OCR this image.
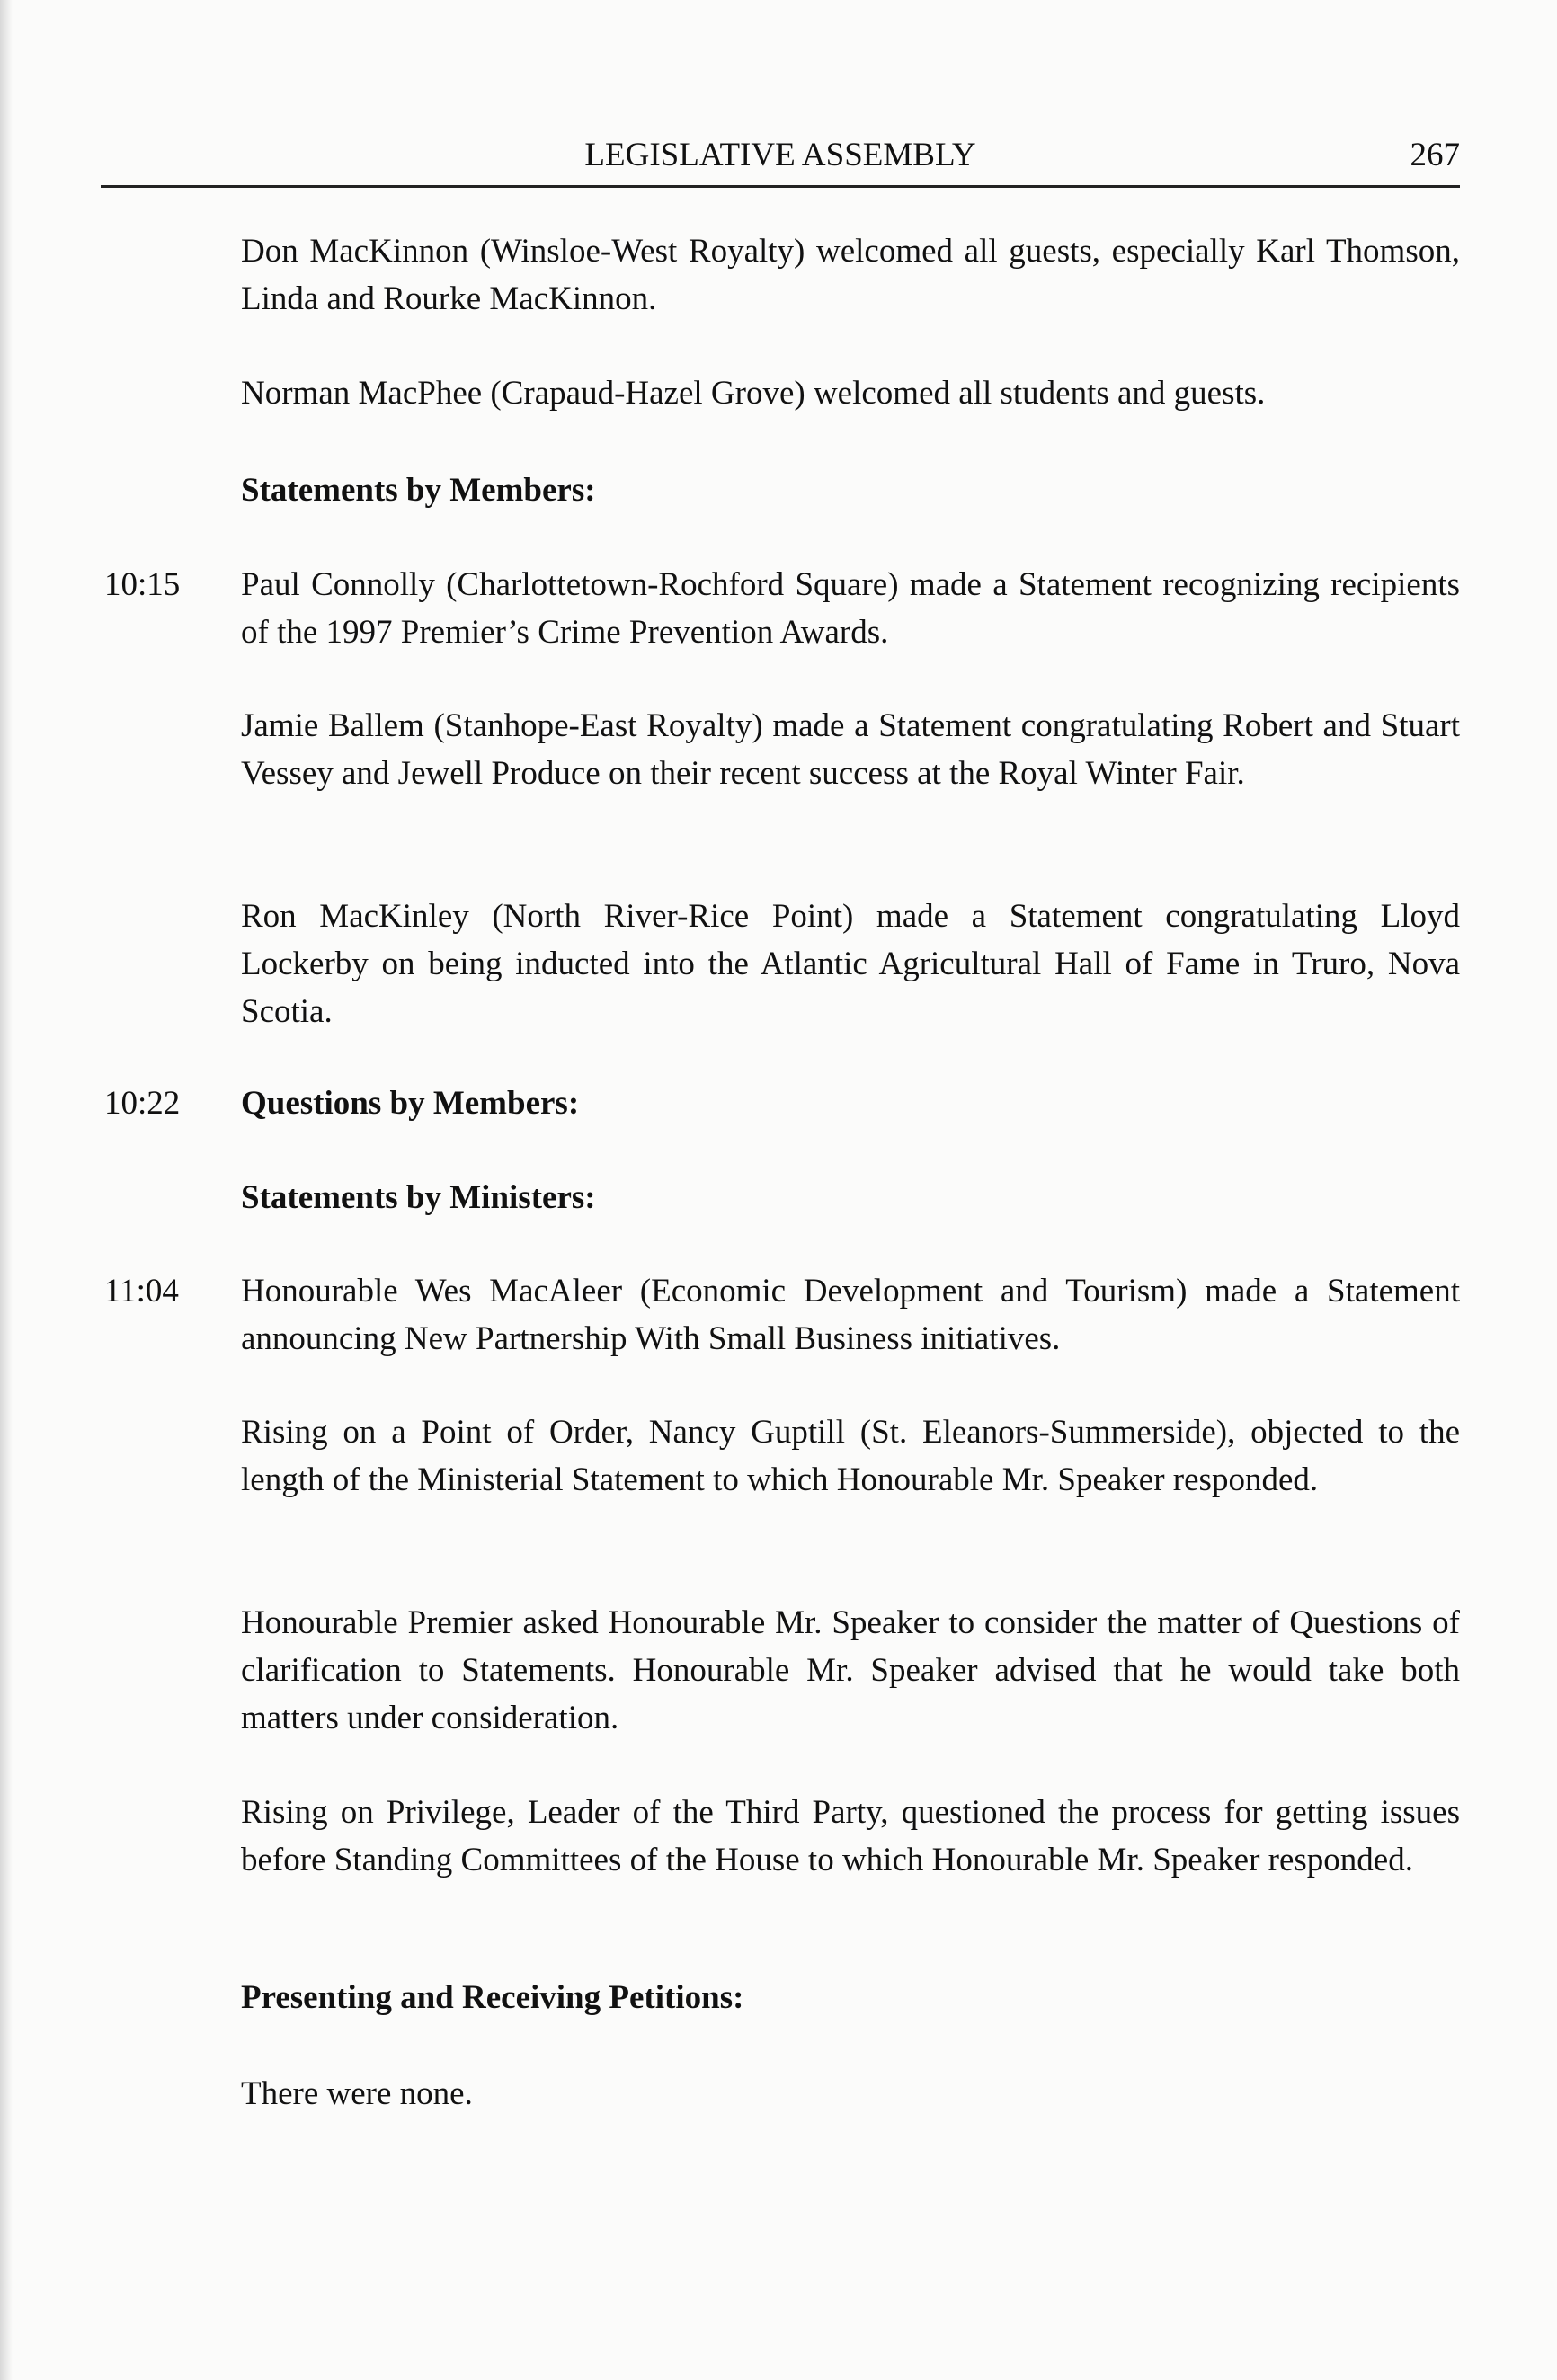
LEGISLATIVE ASSEMBLY	267
Don MacKinnon (Winsloe-West Royalty) welcomed all guests, especially Karl Thomson, Linda and Rourke MacKinnon.
Norman MacPhee (Crapaud-Hazel Grove) welcomed all students and guests.
Statements by Members:
10:15	Paul Connolly (Charlottetown-Rochford Square) made a Statement recognizing recipients of the 1997 Premier’s Crime Prevention Awards.
Jamie Ballem (Stanhope-East Royalty) made a Statement congratulating Robert and Stuart Vessey and Jewell Produce on their recent success at the Royal Winter Fair.
Ron MacKinley (North River-Rice Point) made a Statement congratulating Lloyd Lockerby on being inducted into the Atlantic Agricultural Hall of Fame in Truro, Nova Scotia.
10:22	Questions by Members:
Statements by Ministers:
11:04	Honourable Wes MacAleer (Economic Development and Tourism) made a Statement announcing New Partnership With Small Business initiatives.
Rising on a Point of Order, Nancy Guptill (St. Eleanors-Summerside), objected to the length of the Ministerial Statement to which Honourable Mr. Speaker responded.
Honourable Premier asked Honourable Mr. Speaker to consider the matter of Questions of clarification to Statements. Honourable Mr. Speaker advised that he would take both matters under consideration.
Rising on Privilege, Leader of the Third Party, questioned the process for getting issues before Standing Committees of the House to which Honourable Mr. Speaker responded.
Presenting and Receiving Petitions:
There were none.
